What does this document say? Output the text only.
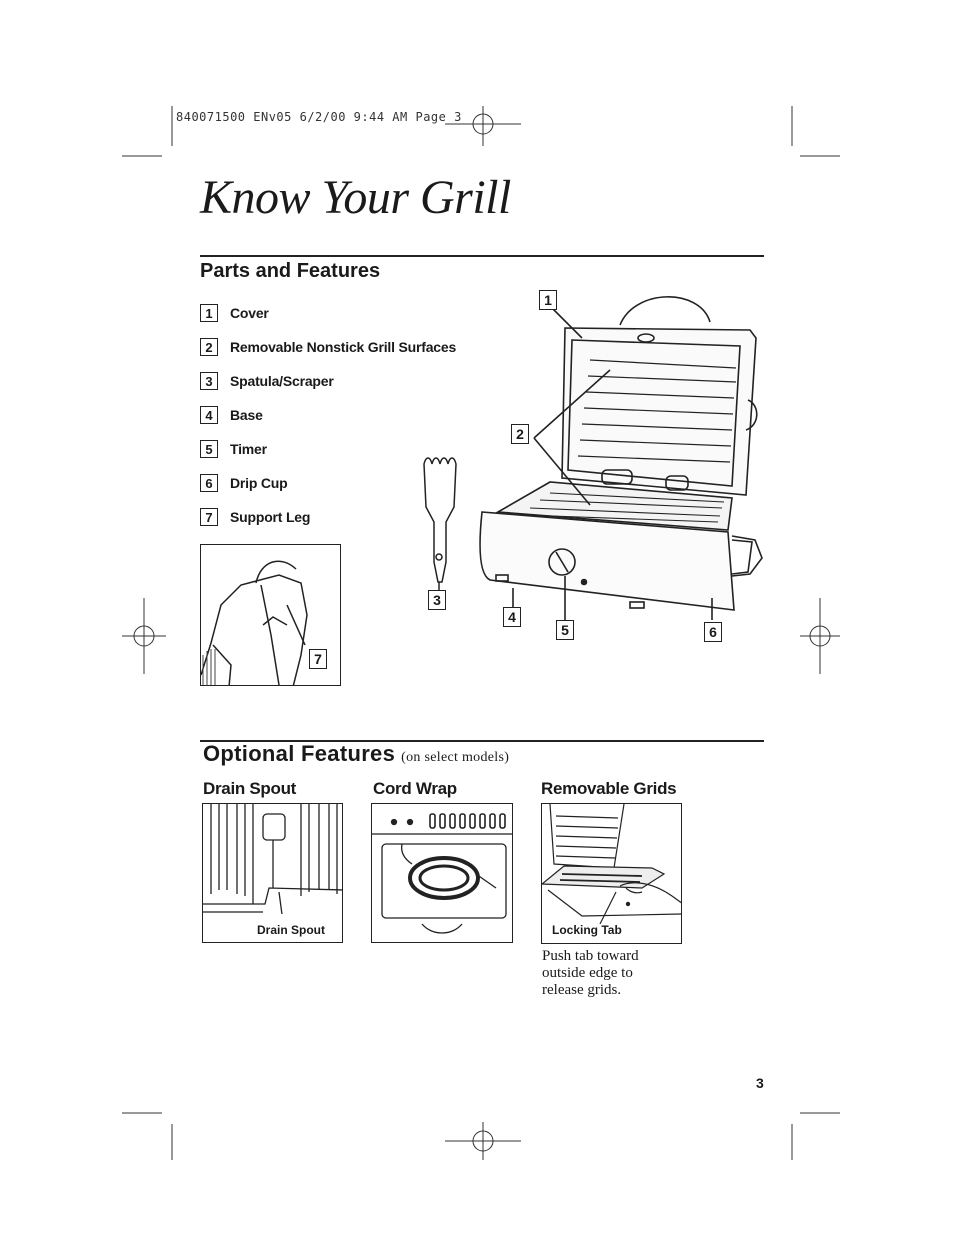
840071500 ENv05 6/2/00 9:44 AM Page 3
Know Your Grill
Parts and Features
1	Cover
2	Removable Nonstick Grill Surfaces
3	Spatula/Scraper
4	Base
5	Timer
6	Drip Cup
7	Support Leg
7
3
1
2
4
5	6
Optional Features (on select models)
Drain Spout	Cord Wrap	Removable Grids
Drain Spout	Locking Tab
Push tab toward
outside edge to
release grids.
3
